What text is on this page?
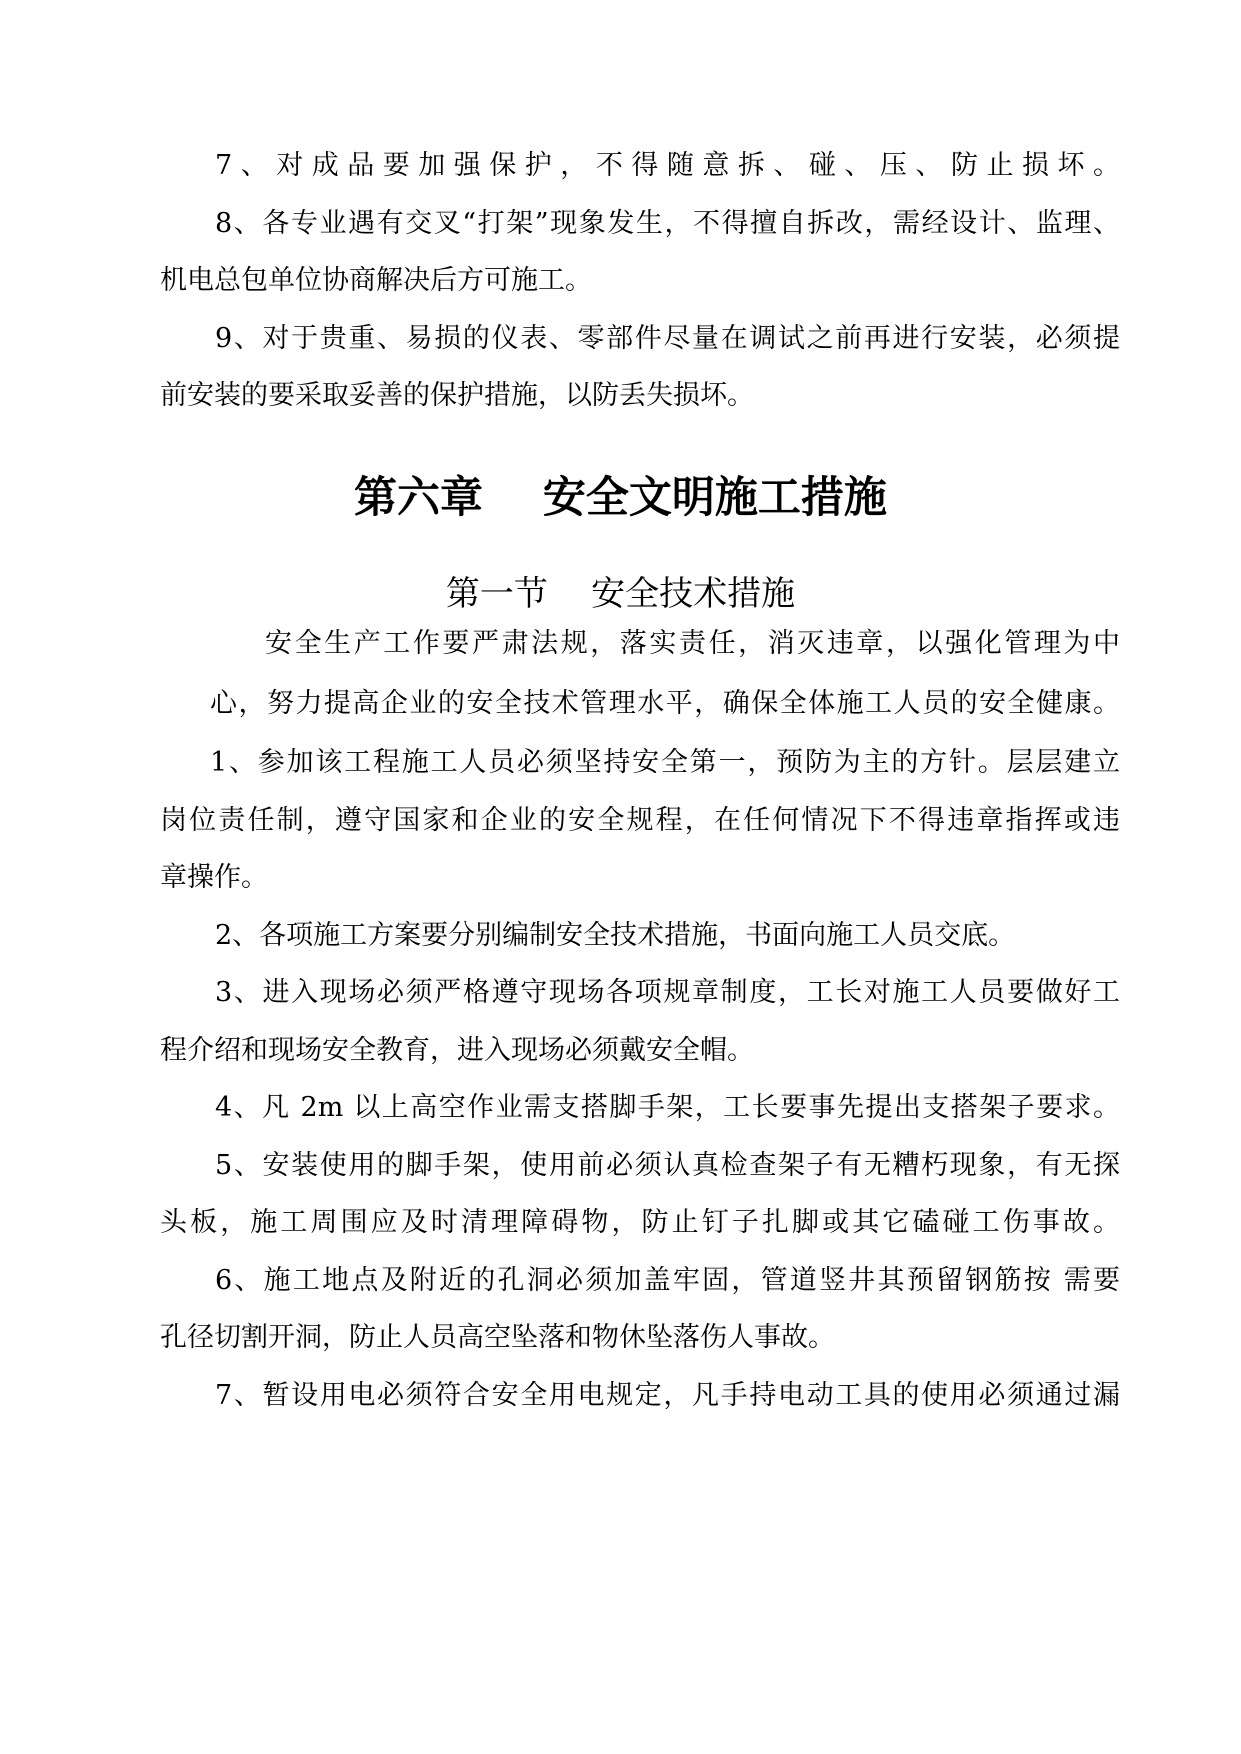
7、对成品要加强保护，不得随意拆、碰、压、防止损坏。
8、各专业遇有交叉“打架”现象发生，不得擅自拆改，需经设计、监理、
机电总包单位协商解决后方可施工。
9、对于贵重、易损的仪表、零部件尽量在调试之前再进行安装，必须提
前安装的要采取妥善的保护措施，以防丢失损坏。
第六章    安全文明施工措施
第一节    安全技术措施
安全生产工作要严肃法规，落实责任，消灭违章，以强化管理为中
心，努力提高企业的安全技术管理水平，确保全体施工人员的安全健康。
1、参加该工程施工人员必须坚持安全第一，预防为主的方针。层层建立
岗位责任制，遵守国家和企业的安全规程，在任何情况下不得违章指挥或违
章操作。
2、各项施工方案要分别编制安全技术措施，书面向施工人员交底。
3、进入现场必须严格遵守现场各项规章制度，工长对施工人员要做好工
程介绍和现场安全教育，进入现场必须戴安全帽。
4、凡 2m 以上高空作业需支搭脚手架，工长要事先提出支搭架子要求。
5、安装使用的脚手架，使用前必须认真检查架子有无糟朽现象，有无探
头板，施工周围应及时清理障碍物，防止钉子扎脚或其它磕碰工伤事故。
6、施工地点及附近的孔洞必须加盖牢固，管道竖井其预留钢筋按 需要
孔径切割开洞，防止人员高空坠落和物休坠落伤人事故。
7、暂设用电必须符合安全用电规定，凡手持电动工具的使用必须通过漏
